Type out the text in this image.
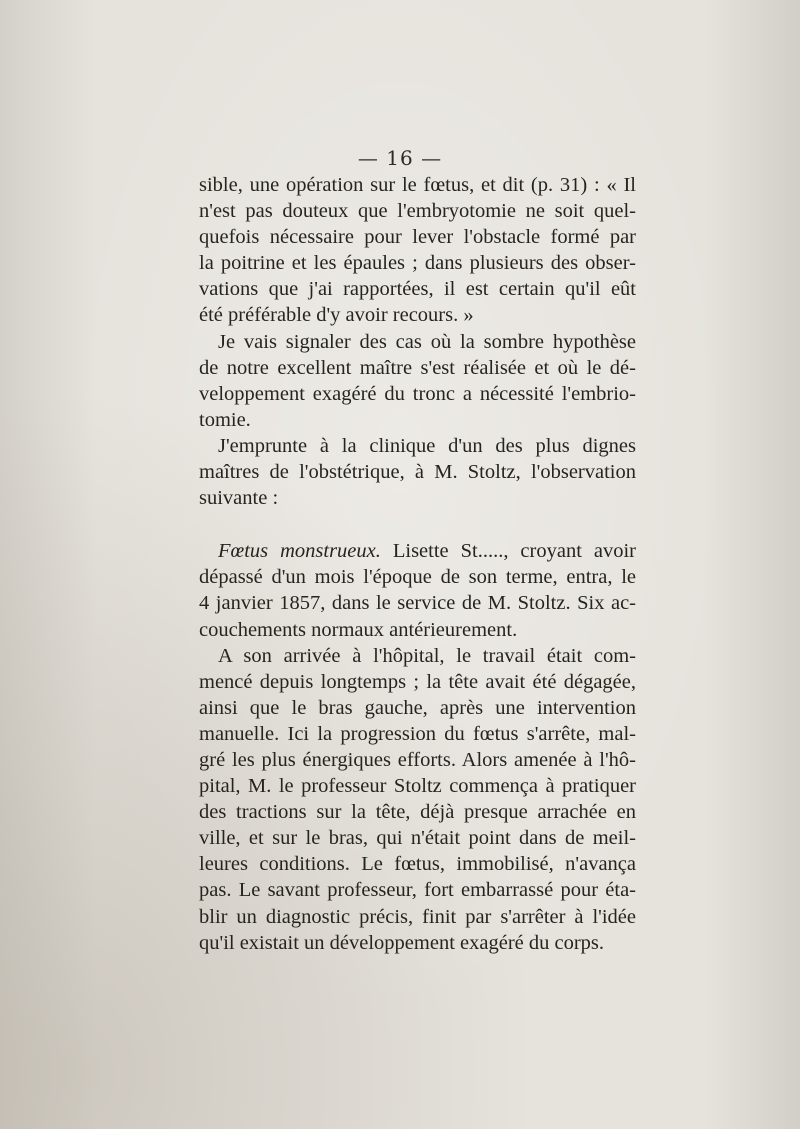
— 16 —
sible, une opération sur le fœtus, et dit (p. 31) : « Il
n'est pas douteux que l'embryotomie ne soit quel-
quefois nécessaire pour lever l'obstacle formé par
la poitrine et les épaules ; dans plusieurs des obser-
vations que j'ai rapportées, il est certain qu'il eût
été préférable d'y avoir recours. »
Je vais signaler des cas où la sombre hypothèse
de notre excellent maître s'est réalisée et où le dé-
veloppement exagéré du tronc a nécessité l'embrio-
tomie.
J'emprunte à la clinique d'un des plus dignes
maîtres de l'obstétrique, à M. Stoltz, l'observation
suivante :
Fœtus monstrueux. Lisette St....., croyant avoir
dépassé d'un mois l'époque de son terme, entra, le
4 janvier 1857, dans le service de M. Stoltz. Six ac-
couchements normaux antérieurement.
A son arrivée à l'hôpital, le travail était com-
mencé depuis longtemps ; la tête avait été dégagée,
ainsi que le bras gauche, après une intervention
manuelle. Ici la progression du fœtus s'arrête, mal-
gré les plus énergiques efforts. Alors amenée à l'hô-
pital, M. le professeur Stoltz commença à pratiquer
des tractions sur la tête, déjà presque arrachée en
ville, et sur le bras, qui n'était point dans de meil-
leures conditions. Le fœtus, immobilisé, n'avança
pas. Le savant professeur, fort embarrassé pour éta-
blir un diagnostic précis, finit par s'arrêter à l'idée
qu'il existait un développement exagéré du corps.
